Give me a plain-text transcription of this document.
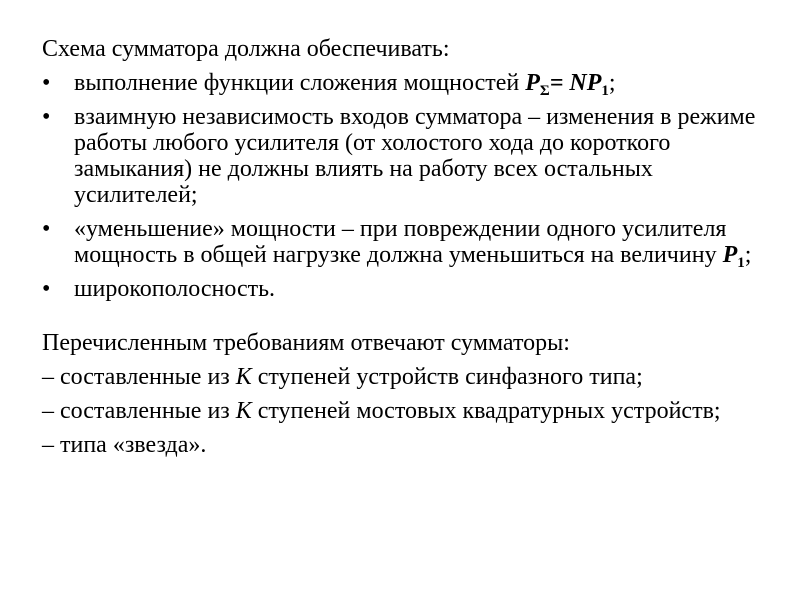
Схема сумматора должна обеспечивать:

• выполнение функции сложения мощностей $P_\Sigma= NP_1$;
• взаимную независимость входов сумматора – изменения в режиме работы любого усилителя (от холостого хода до короткого замыкания) не должны влиять на работу всех остальных усилителей;
• «уменьшение» мощности – при повреждении одного усилителя мощность в общей нагрузке должна уменьшиться на величину $P_1$;
• широкополосность.

Перечисленным требованиям отвечают сумматоры:

– составленные из К ступеней устройств синфазного типа;

– составленные из К ступеней мостовых квадратурных устройств;

– типа «звезда».
